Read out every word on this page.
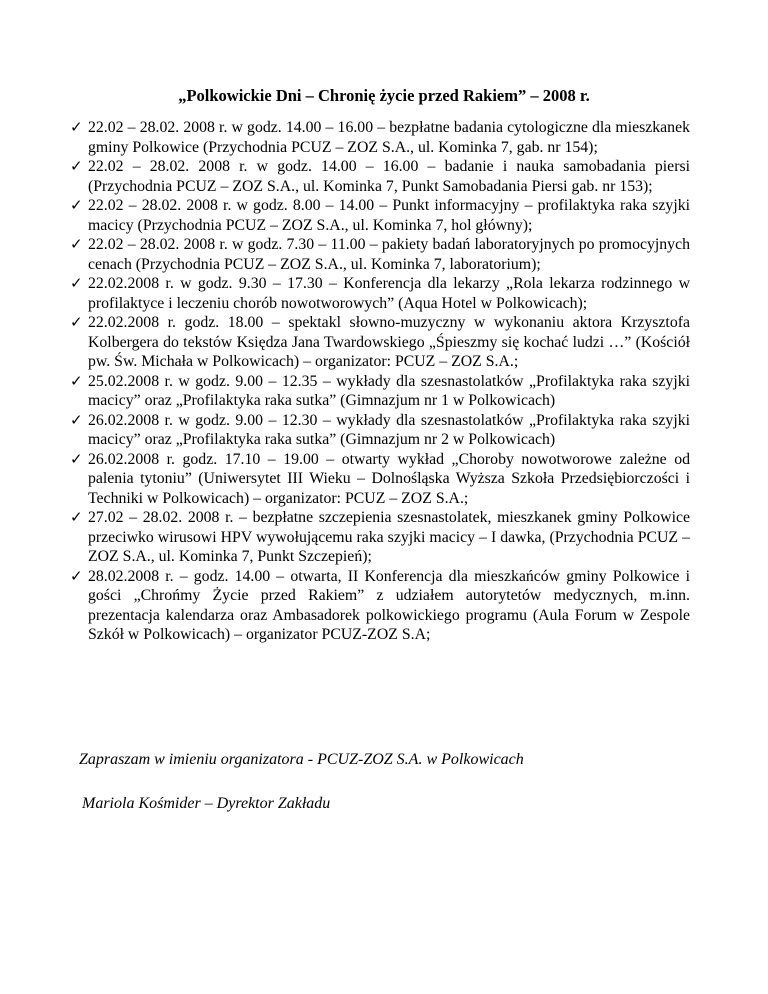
„Polkowickie Dni – Chronię życie przed Rakiem” – 2008 r.
✓ 22.02 – 28.02. 2008 r. w godz. 14.00 – 16.00 – bezpłatne badania cytologiczne dla mieszkanek gminy Polkowice (Przychodnia PCUZ – ZOZ S.A., ul. Kominka 7, gab. nr 154);
✓ 22.02 – 28.02. 2008 r. w godz. 14.00 – 16.00 – badanie i nauka samobadania piersi (Przychodnia PCUZ – ZOZ S.A., ul. Kominka 7, Punkt Samobadania Piersi gab. nr 153);
✓ 22.02 – 28.02. 2008 r. w godz. 8.00 – 14.00 – Punkt informacyjny – profilaktyka raka szyjki macicy (Przychodnia PCUZ – ZOZ S.A., ul. Kominka 7, hol główny);
✓ 22.02 – 28.02. 2008 r. w godz. 7.30 – 11.00 – pakiety badań laboratoryjnych po promocyjnych cenach (Przychodnia PCUZ – ZOZ S.A., ul. Kominka 7, laboratorium);
✓ 22.02.2008 r. w godz. 9.30 – 17.30 – Konferencja dla lekarzy „Rola lekarza rodzinnego w profilaktyce i leczeniu chorób nowotworowych” (Aqua Hotel w Polkowicach);
✓ 22.02.2008 r. godz. 18.00 – spektakl słowno-muzyczny w wykonaniu aktora Krzysztofa Kolbergera do tekstów Księdza Jana Twardowskiego „Śpieszmy się kochać ludzi …” (Kościół pw. Św. Michała w Polkowicach) – organizator: PCUZ – ZOZ S.A.;
✓ 25.02.2008 r. w godz. 9.00 – 12.35 – wykłady dla szesnastolatków „Profilaktyka raka szyjki macicy” oraz „Profilaktyka raka sutka” (Gimnazjum nr 1 w Polkowicach)
✓ 26.02.2008 r. w godz. 9.00 – 12.30 – wykłady dla szesnastolatków „Profilaktyka raka szyjki macicy” oraz „Profilaktyka raka sutka” (Gimnazjum nr 2 w Polkowicach)
✓ 26.02.2008 r. godz. 17.10 – 19.00 – otwarty wykład „Choroby nowotworowe zależne od palenia tytoniu” (Uniwersytet III Wieku – Dolnośląska Wyższa Szkoła Przedsiębiorczości i Techniki w Polkowicach) – organizator: PCUZ – ZOZ S.A.;
✓ 27.02 – 28.02. 2008 r. – bezpłatne szczepienia szesnastolatek, mieszkanek gminy Polkowice przeciwko wirusowi HPV wywołującemu raka szyjki macicy – I dawka, (Przychodnia PCUZ – ZOZ S.A., ul. Kominka 7, Punkt Szczepień);
✓ 28.02.2008 r. – godz. 14.00 – otwarta, II Konferencja dla mieszkańców gminy Polkowice i gości „Chrońmy Życie przed Rakiem” z udziałem autorytetów medycznych, m.inn. prezentacja kalendarza oraz Ambasadorek polkowickiego programu (Aula Forum w Zespole Szkół w Polkowicach) – organizator PCUZ-ZOZ S.A;
Zapraszam w imieniu organizatora - PCUZ-ZOZ S.A. w Polkowicach
Mariola Kośmider – Dyrektor Zakładu
